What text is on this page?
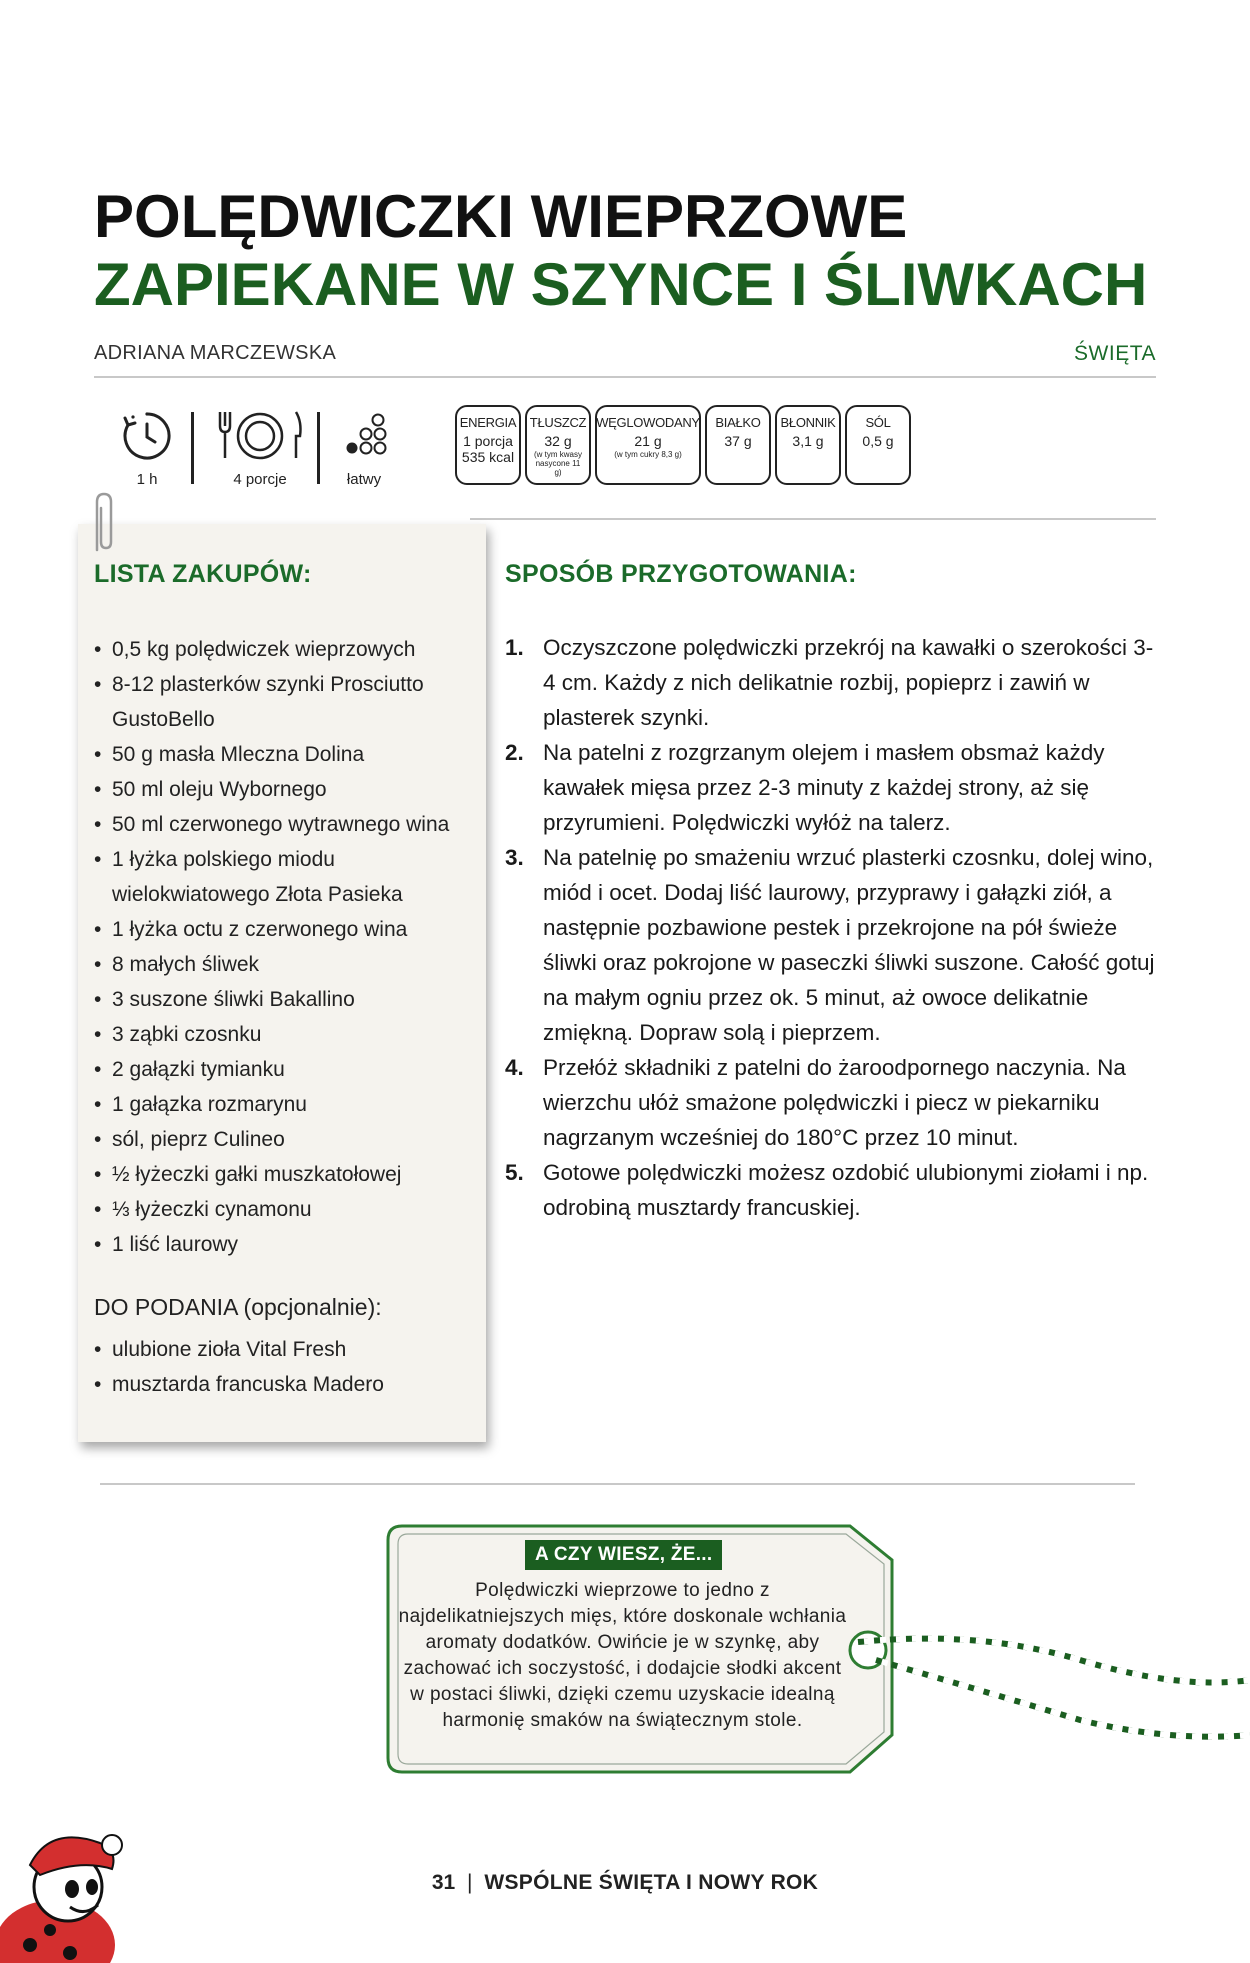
POLĘDWICZKI WIEPRZOWE
ZAPIEKANE W SZYNCE I ŚLIWKACH
ADRIANA MARCZEWSKA	ŚWIĘTA
1 h	4 porcje	łatwy
ENERGIA
1 porcja
535 kcal
TŁUSZCZ
32 g
(w tym kwasy nasycone 11 g)
WĘGLOWODANY
21 g
(w tym cukry 8,3 g)
BIAŁKO
37 g
BŁONNIK
3,1 g
SÓL
0,5 g
LISTA ZAKUPÓW:
• 0,5 kg polędwiczek wieprzowych
• 8-12 plasterków szynki Prosciutto GustoBello
• 50 g masła Mleczna Dolina
• 50 ml oleju Wybornego
• 50 ml czerwonego wytrawnego wina
• 1 łyżka polskiego miodu wielokwiatowego Złota Pasieka
• 1 łyżka octu z czerwonego wina
• 8 małych śliwek
• 3 suszone śliwki Bakallino
• 3 ząbki czosnku
• 2 gałązki tymianku
• 1 gałązka rozmarynu
• sól, pieprz Culineo
• ½ łyżeczki gałki muszkatołowej
• ⅓ łyżeczki cynamonu
• 1 liść laurowy
DO PODANIA (opcjonalnie):
• ulubione zioła Vital Fresh
• musztarda francuska Madero
SPOSÓB PRZYGOTOWANIA:
1. Oczyszczone polędwiczki przekrój na kawałki o szerokości 3-4 cm. Każdy z nich delikatnie rozbij, popieprz i zawiń w plasterek szynki.
2. Na patelni z rozgrzanym olejem i masłem obsmaż każdy kawałek mięsa przez 2-3 minuty z każdej strony, aż się przyrumieni. Polędwiczki wyłóż na talerz.
3. Na patelnię po smażeniu wrzuć plasterki czosnku, dolej wino, miód i ocet. Dodaj liść laurowy, przyprawy i gałązki ziół, a następnie pozbawione pestek i przekrojone na pół świeże śliwki oraz pokrojone w paseczki śliwki suszone. Całość gotuj na małym ogniu przez ok. 5 minut, aż owoce delikatnie zmiękną. Dopraw solą i pieprzem.
4. Przełóż składniki z patelni do żaroodpornego naczynia. Na wierzchu ułóż smażone polędwiczki i piecz w piekarniku nagrzanym wcześniej do 180°C przez 10 minut.
5. Gotowe polędwiczki możesz ozdobić ulubionymi ziołami i np. odrobiną musztardy francuskiej.
A CZY WIESZ, ŻE...
Polędwiczki wieprzowe to jedno z najdelikatniejszych mięs, które doskonale wchłania aromaty dodatków. Owińcie je w szynkę, aby zachować ich soczystość, i dodajcie słodki akcent w postaci śliwki, dzięki czemu uzyskacie idealną harmonię smaków na świątecznym stole.
31 | WSPÓLNE ŚWIĘTA I NOWY ROK
